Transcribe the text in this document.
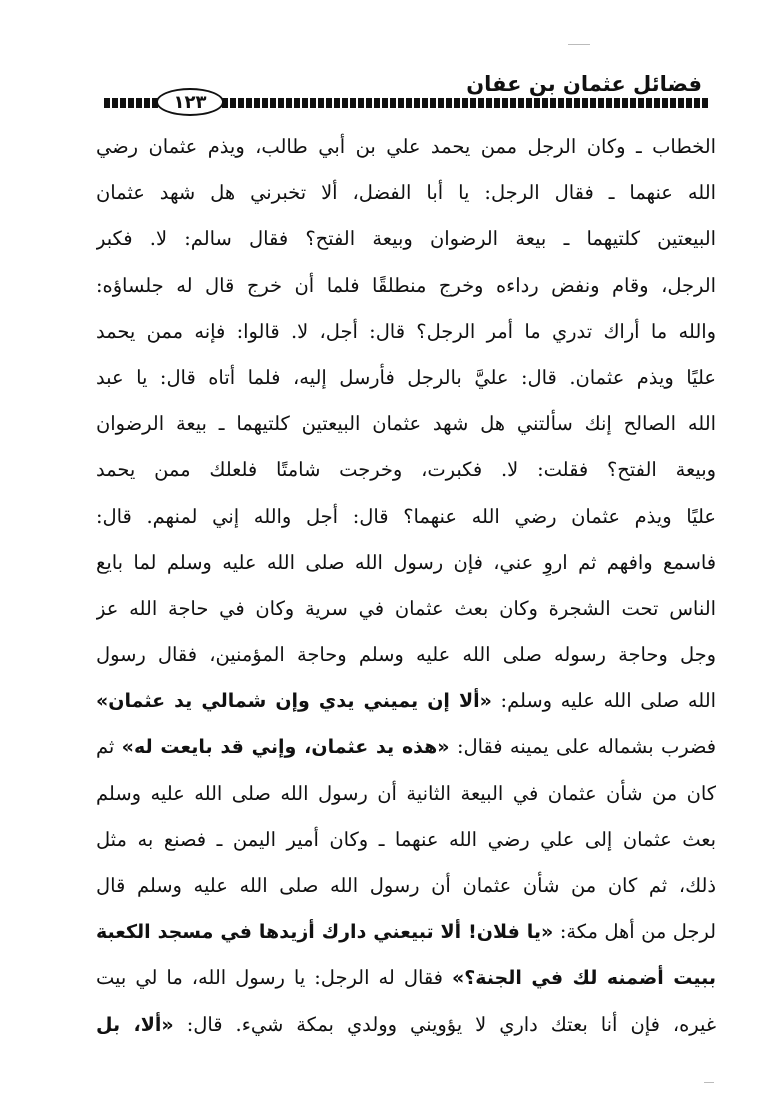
فضائل عثمان بن عفان
١٢٣
الخطاب ـ وكان الرجل ممن يحمد علي بن أبي طالب، ويذم عثمان رضي
الله عنهما ـ فقال الرجل: يا أبا الفضل، ألا تخبرني هل شهد عثمان
البيعتين كلتيهما ـ بيعة الرضوان وبيعة الفتح؟ فقال سالم: لا. فكبر
الرجل، وقام ونفض رداءه وخرج منطلقًا فلما أن خرج قال له جلساؤه:
والله ما أراك تدري ما أمر الرجل؟ قال: أجل، لا. قالوا: فإنه ممن يحمد
عليًا ويذم عثمان. قال: عليَّ بالرجل فأرسل إليه، فلما أتاه قال: يا عبد
الله الصالح إنك سألتني هل شهد عثمان البيعتين كلتيهما ـ بيعة الرضوان
وبيعة الفتح؟ فقلت: لا. فكبرت، وخرجت شامتًا فلعلك ممن يحمد
عليًا ويذم عثمان رضي الله عنهما؟ قال: أجل والله إني لمنهم. قال:
فاسمع وافهم ثم اروِ عني، فإن رسول الله صلى الله عليه وسلم لما بايع
الناس تحت الشجرة وكان بعث عثمان في سرية وكان في حاجة الله عز
وجل وحاجة رسوله صلى الله عليه وسلم وحاجة المؤمنين، فقال رسول
الله صلى الله عليه وسلم: «ألا إن يميني يدي وإن شمالي يد عثمان»
فضرب بشماله على يمينه فقال: «هذه يد عثمان، وإني قد بايعت له» ثم
كان من شأن عثمان في البيعة الثانية أن رسول الله صلى الله عليه وسلم
بعث عثمان إلى علي رضي الله عنهما ـ وكان أمير اليمن ـ فصنع به مثل
ذلك، ثم كان من شأن عثمان أن رسول الله صلى الله عليه وسلم قال
لرجل من أهل مكة: «يا فلان! ألا تبيعني دارك أزيدها في مسجد الكعبة
ببيت أضمنه لك في الجنة؟» فقال له الرجل: يا رسول الله، ما لي بيت
غيره، فإن أنا بعتك داري لا يؤويني وولدي بمكة شيء. قال: «ألا، بل
